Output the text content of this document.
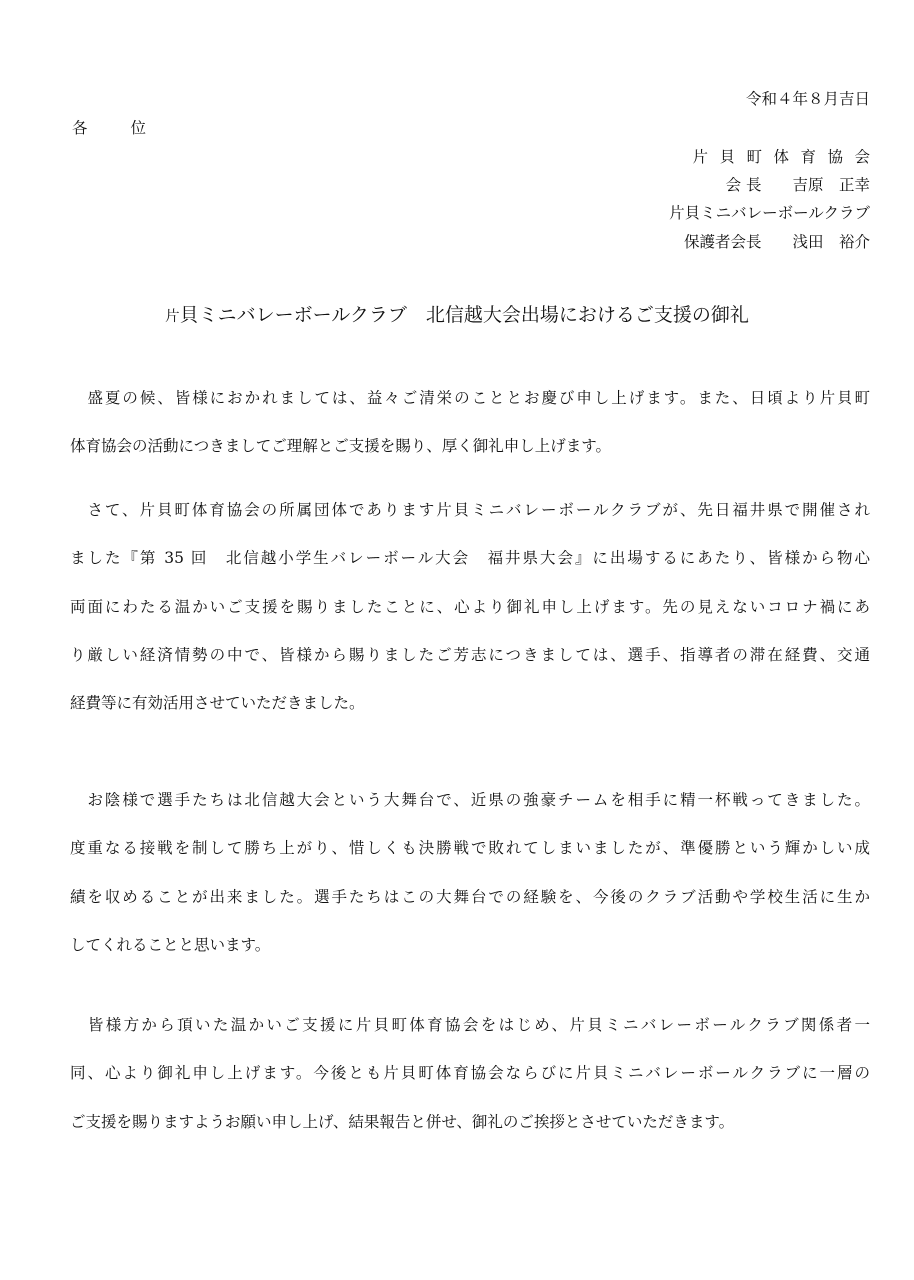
令和４年８月吉日
各	位
片貝町体育協会
会 長　　吉原　正幸
片貝ミニバレーボールクラブ
保護者会長　　浅田　裕介
片貝ミニバレーボールクラブ　北信越大会出場におけるご支援の御礼
　盛夏の候、皆様におかれましては、益々ご清栄のこととお慶び申し上げます。また、日頃より片貝町
体育協会の活動につきましてご理解とご支援を賜り、厚く御礼申し上げます。
　さて、片貝町体育協会の所属団体であります片貝ミニバレーボールクラブが、先日福井県で開催され
ました『第 35 回　北信越小学生バレーボール大会　福井県大会』に出場するにあたり、皆様から物心
両面にわたる温かいご支援を賜りましたことに、心より御礼申し上げます。先の見えないコロナ禍にあ
り厳しい経済情勢の中で、皆様から賜りましたご芳志につきましては、選手、指導者の滞在経費、交通
経費等に有効活用させていただきました。
　お陰様で選手たちは北信越大会という大舞台で、近県の強豪チームを相手に精一杯戦ってきました。
度重なる接戦を制して勝ち上がり、惜しくも決勝戦で敗れてしまいましたが、準優勝という輝かしい成
績を収めることが出来ました。選手たちはこの大舞台での経験を、今後のクラブ活動や学校生活に生か
してくれることと思います。
　皆様方から頂いた温かいご支援に片貝町体育協会をはじめ、片貝ミニバレーボールクラブ関係者一
同、心より御礼申し上げます。今後とも片貝町体育協会ならびに片貝ミニバレーボールクラブに一層の
ご支援を賜りますようお願い申し上げ、結果報告と併せ、御礼のご挨拶とさせていただきます。
